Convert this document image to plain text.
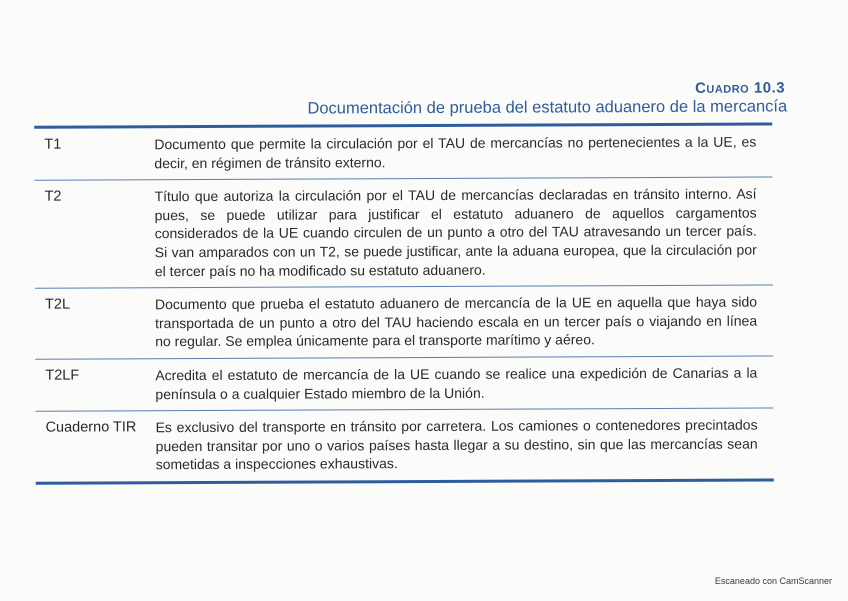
Cuadro 10.3
Documentación de prueba del estatuto aduanero de la mercancía
T1	Documento que permite la circulación por el TAU de mercancías no pertenecientes a la UE, es decir, en régimen de tránsito externo.
T2	Título que autoriza la circulación por el TAU de mercancías declaradas en tránsito interno. Así pues, se puede utilizar para justificar el estatuto aduanero de aquellos cargamentos considerados de la UE cuando circulen de un punto a otro del TAU atravesando un tercer país. Si van amparados con un T2, se puede justificar, ante la aduana europea, que la circulación por el tercer país no ha modificado su estatuto aduanero.
T2L	Documento que prueba el estatuto aduanero de mercancía de la UE en aquella que haya sido transportada de un punto a otro del TAU haciendo escala en un tercer país o viajando en línea no regular. Se emplea únicamente para el transporte marítimo y aéreo.
T2LF	Acredita el estatuto de mercancía de la UE cuando se realice una expedición de Canarias a la península o a cualquier Estado miembro de la Unión.
Cuaderno TIR	Es exclusivo del transporte en tránsito por carretera. Los camiones o contenedores precintados pueden transitar por uno o varios países hasta llegar a su destino, sin que las mercancías sean sometidas a inspecciones exhaustivas.
Escaneado con CamScanner
